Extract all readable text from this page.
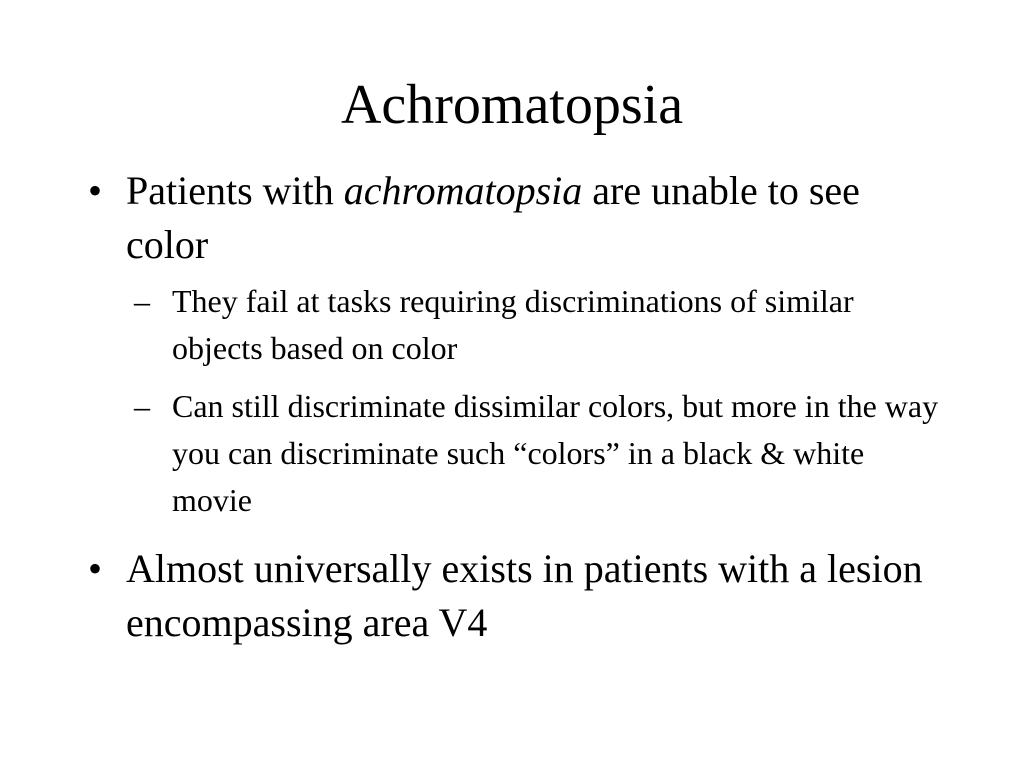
Achromatopsia
• Patients with achromatopsia are unable to see color
– They fail at tasks requiring discriminations of similar objects based on color
– Can still discriminate dissimilar colors, but more in the way you can discriminate such “colors” in a black & white movie
• Almost universally exists in patients with a lesion encompassing area V4
